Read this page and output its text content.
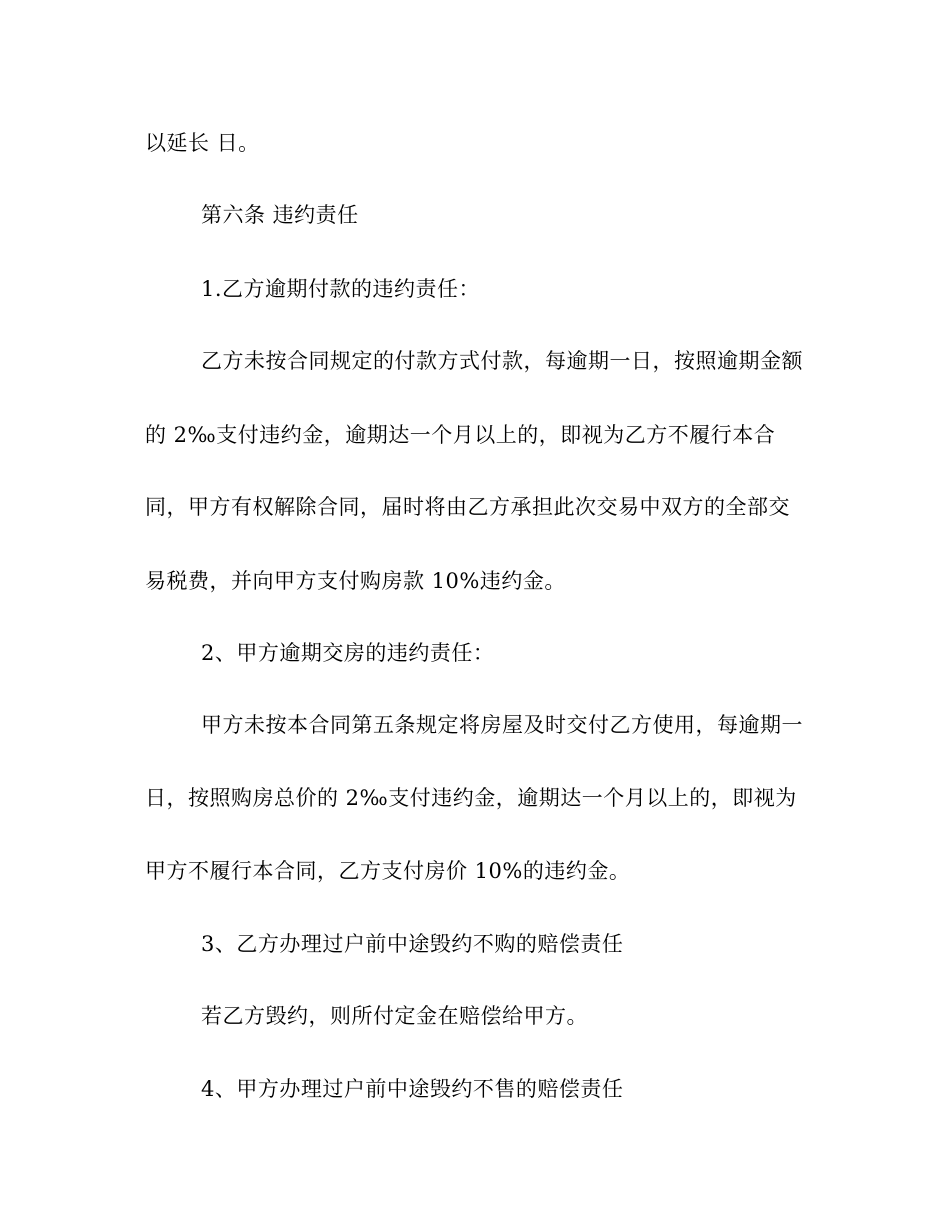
以延长 日。
第六条 违约责任
1.乙方逾期付款的违约责任：
乙方未按合同规定的付款方式付款，每逾期一日，按照逾期金额
的 2‰支付违约金，逾期达一个月以上的，即视为乙方不履行本合
同，甲方有权解除合同，届时将由乙方承担此次交易中双方的全部交
易税费，并向甲方支付购房款 10%违约金。
2、甲方逾期交房的违约责任：
甲方未按本合同第五条规定将房屋及时交付乙方使用，每逾期一
日，按照购房总价的 2‰支付违约金，逾期达一个月以上的，即视为
甲方不履行本合同，乙方支付房价 10%的违约金。
3、乙方办理过户前中途毁约不购的赔偿责任
若乙方毁约，则所付定金在赔偿给甲方。
4、甲方办理过户前中途毁约不售的赔偿责任
